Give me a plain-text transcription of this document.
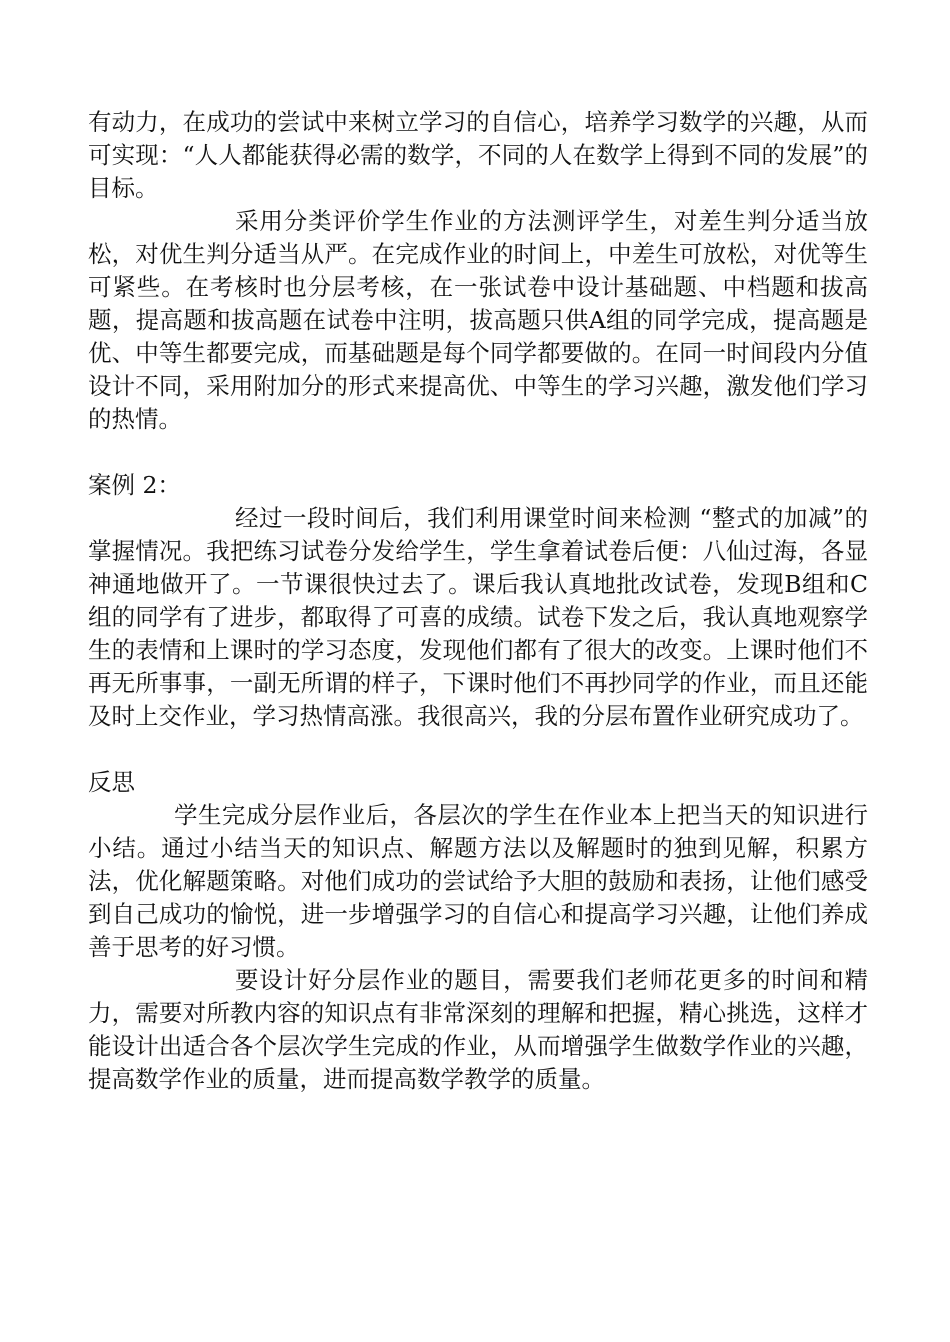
有动力，在成功的尝试中来树立学习的自信心，培养学习数学的兴趣，从而可实现：“人人都能获得必需的数学，不同的人在数学上得到不同的发展”的目标。

采用分类评价学生作业的方法测评学生，对差生判分适当放松，对优生判分适当从严。在完成作业的时间上，中差生可放松，对优等生可紧些。在考核时也分层考核，在一张试卷中设计基础题、中档题和拔高题，提高题和拔高题在试卷中注明，拔高题只供A组的同学完成，提高题是优、中等生都要完成，而基础题是每个同学都要做的。在同一时间段内分值设计不同，采用附加分的形式来提高优、中等生的学习兴趣，激发他们学习的热情。

案例 2：

经过一段时间后，我们利用课堂时间来检测 “整式的加减”的掌握情况。我把练习试卷分发给学生，学生拿着试卷后便：八仙过海，各显神通地做开了。一节课很快过去了。课后我认真地批改试卷，发现B组和C 组的同学有了进步，都取得了可喜的成绩。试卷下发之后，我认真地观察学生的表情和上课时的学习态度，发现他们都有了很大的改变。上课时他们不再无所事事，一副无所谓的样子，下课时他们不再抄同学的作业，而且还能及时上交作业，学习热情高涨。我很高兴，我的分层布置作业研究成功了。

反思

学生完成分层作业后，各层次的学生在作业本上把当天的知识进行小结。通过小结当天的知识点、解题方法以及解题时的独到见解，积累方法，优化解题策略。对他们成功的尝试给予大胆的鼓励和表扬，让他们感受到自己成功的愉悦，进一步增强学习的自信心和提高学习兴趣，让他们养成善于思考的好习惯。

要设计好分层作业的题目，需要我们老师花更多的时间和精力，需要对所教内容的知识点有非常深刻的理解和把握，精心挑选，这样才能设计出适合各个层次学生完成的作业，从而增强学生做数学作业的兴趣，提高数学作业的质量，进而提高数学教学的质量。
